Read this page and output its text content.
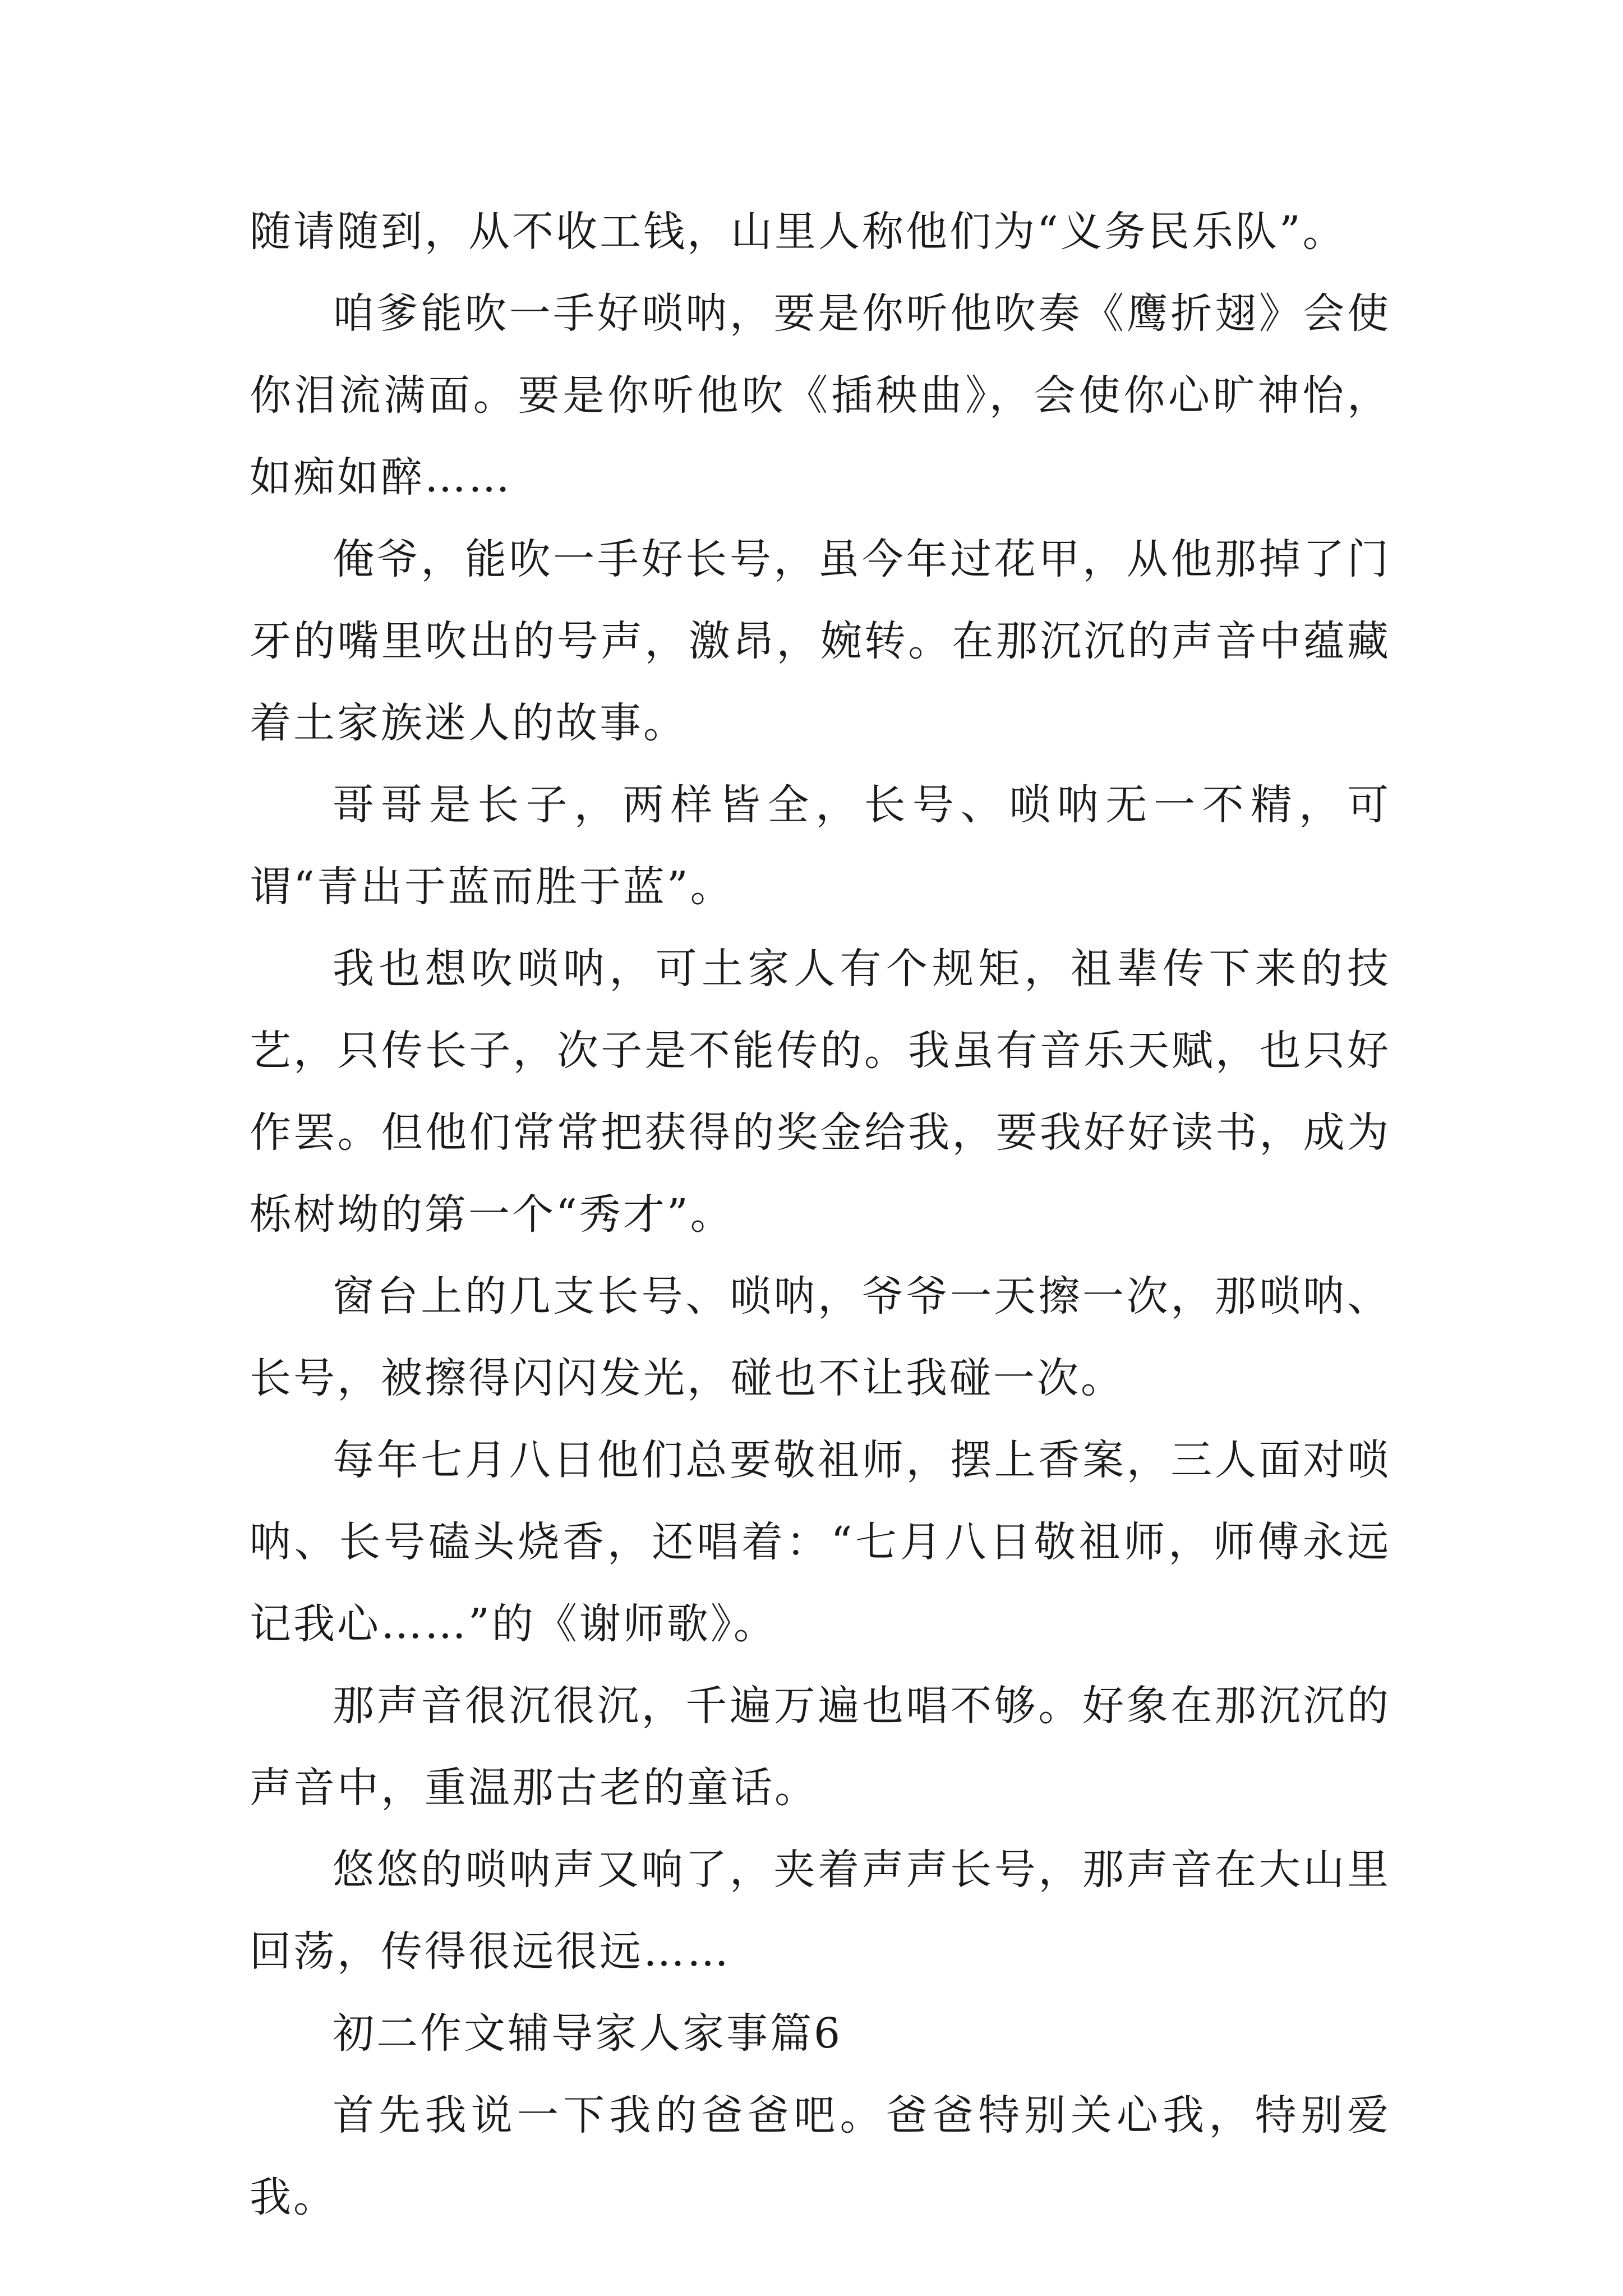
随请随到，从不收工钱，山里人称他们为“义务民乐队”。

咱爹能吹一手好唢呐，要是你听他吹奏《鹰折翅》会使你泪流满面。要是你听他吹《插秧曲》，会使你心旷神怡，如痴如醉……

俺爷，能吹一手好长号，虽今年过花甲，从他那掉了门牙的嘴里吹出的号声，激昂，婉转。在那沉沉的声音中蕴藏着土家族迷人的故事。

哥哥是长子，两样皆全，长号、唢呐无一不精，可谓“青出于蓝而胜于蓝”。

我也想吹唢呐，可土家人有个规矩，祖辈传下来的技艺，只传长子，次子是不能传的。我虽有音乐天赋，也只好作罢。但他们常常把获得的奖金给我，要我好好读书，成为栎树坳的第一个“秀才”。

窗台上的几支长号、唢呐，爷爷一天擦一次，那唢呐、长号，被擦得闪闪发光，碰也不让我碰一次。

每年七月八日他们总要敬祖师，摆上香案，三人面对唢呐、长号磕头烧香，还唱着：“七月八日敬祖师，师傅永远记我心……”的《谢师歌》。

那声音很沉很沉，千遍万遍也唱不够。好象在那沉沉的声音中，重温那古老的童话。

悠悠的唢呐声又响了，夹着声声长号，那声音在大山里回荡，传得很远很远……

初二作文辅导家人家事篇6

首先我说一下我的爸爸吧。爸爸特别关心我，特别爱我。
